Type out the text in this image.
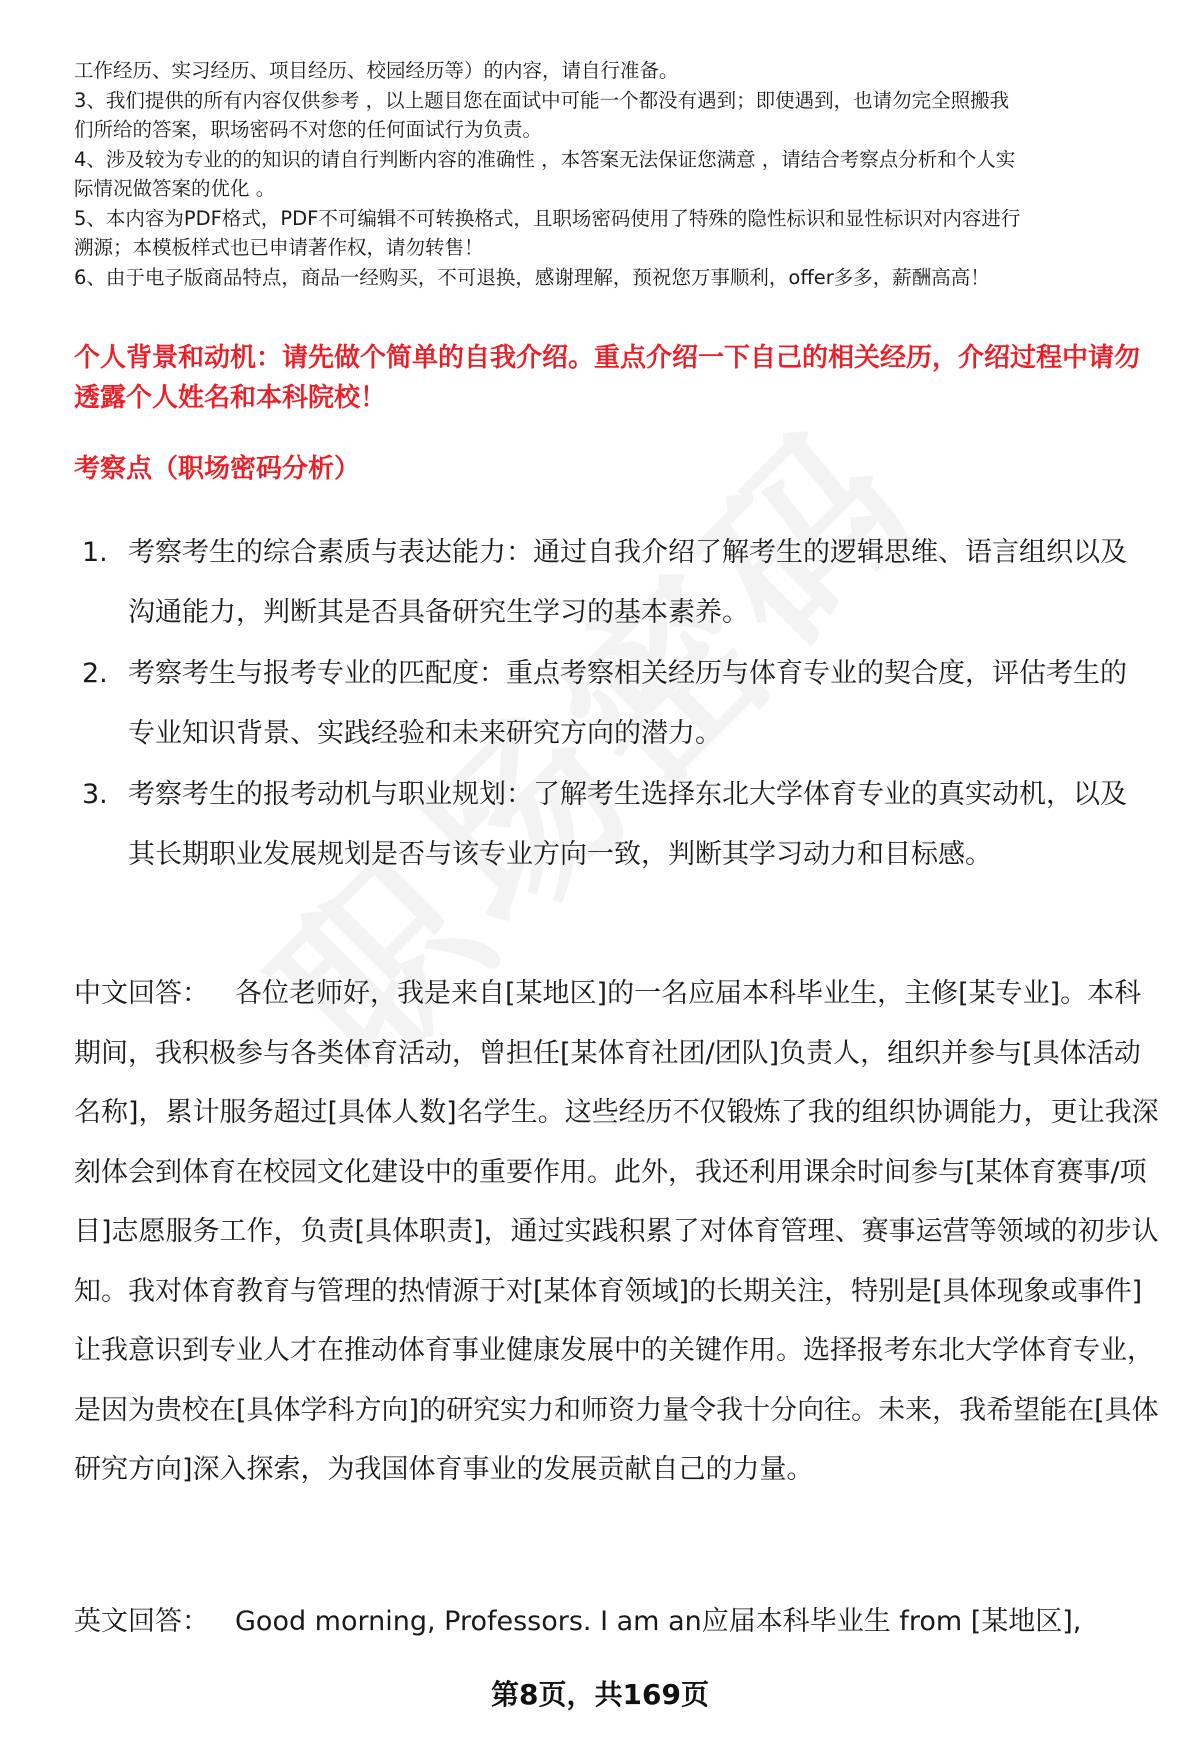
工作经历、实习经历、项目经历、校园经历等）的内容，请自行准备。
3、我们提供的所有内容仅供参考 ，以上题目您在面试中可能一个都没有遇到；即使遇到，也请勿完全照搬我
们所给的答案，职场密码不对您的任何面试行为负责。
4、涉及较为专业的的知识的请自行判断内容的准确性 ，本答案无法保证您满意 ，请结合考察点分析和个人实
际情况做答案的优化 。
5、本内容为PDF格式，PDF不可编辑不可转换格式，且职场密码使用了特殊的隐性标识和显性标识对内容进行
溯源；本模板样式也已申请著作权，请勿转售！
6、由于电子版商品特点，商品一经购买，不可退换，感谢理解，预祝您万事顺利，offer多多，薪酬高高！
个人背景和动机：请先做个简单的自我介绍。重点介绍一下自己的相关经历，介绍过程中请勿透露个人姓名和本科院校！
考察点（职场密码分析）
1. 考察考生的综合素质与表达能力：通过自我介绍了解考生的逻辑思维、语言组织以及沟通能力，判断其是否具备研究生学习的基本素养。
2. 考察考生与报考专业的匹配度：重点考察相关经历与体育专业的契合度，评估考生的专业知识背景、实践经验和未来研究方向的潜力。
3. 考察考生的报考动机与职业规划：了解考生选择东北大学体育专业的真实动机，以及其长期职业发展规划是否与该专业方向一致，判断其学习动力和目标感。
中文回答： 各位老师好，我是来自[某地区]的一名应届本科毕业生，主修[某专业]。本科期间，我积极参与各类体育活动，曾担任[某体育社团/团队]负责人，组织并参与[具体活动名称]，累计服务超过[具体人数]名学生。这些经历不仅锻炼了我的组织协调能力，更让我深刻体会到体育在校园文化建设中的重要作用。此外，我还利用课余时间参与[某体育赛事/项目]志愿服务工作，负责[具体职责]，通过实践积累了对体育管理、赛事运营等领域的初步认知。我对体育教育与管理的热情源于对[某体育领域]的长期关注，特别是[具体现象或事件]让我意识到专业人才在推动体育事业健康发展中的关键作用。选择报考东北大学体育专业，是因为贵校在[具体学科方向]的研究实力和师资力量令我十分向往。未来，我希望能在[具体研究方向]深入探索，为我国体育事业的发展贡献自己的力量。
英文回答： Good morning, Professors. I am an应届本科毕业生 from [某地区],
第8页，共169页
